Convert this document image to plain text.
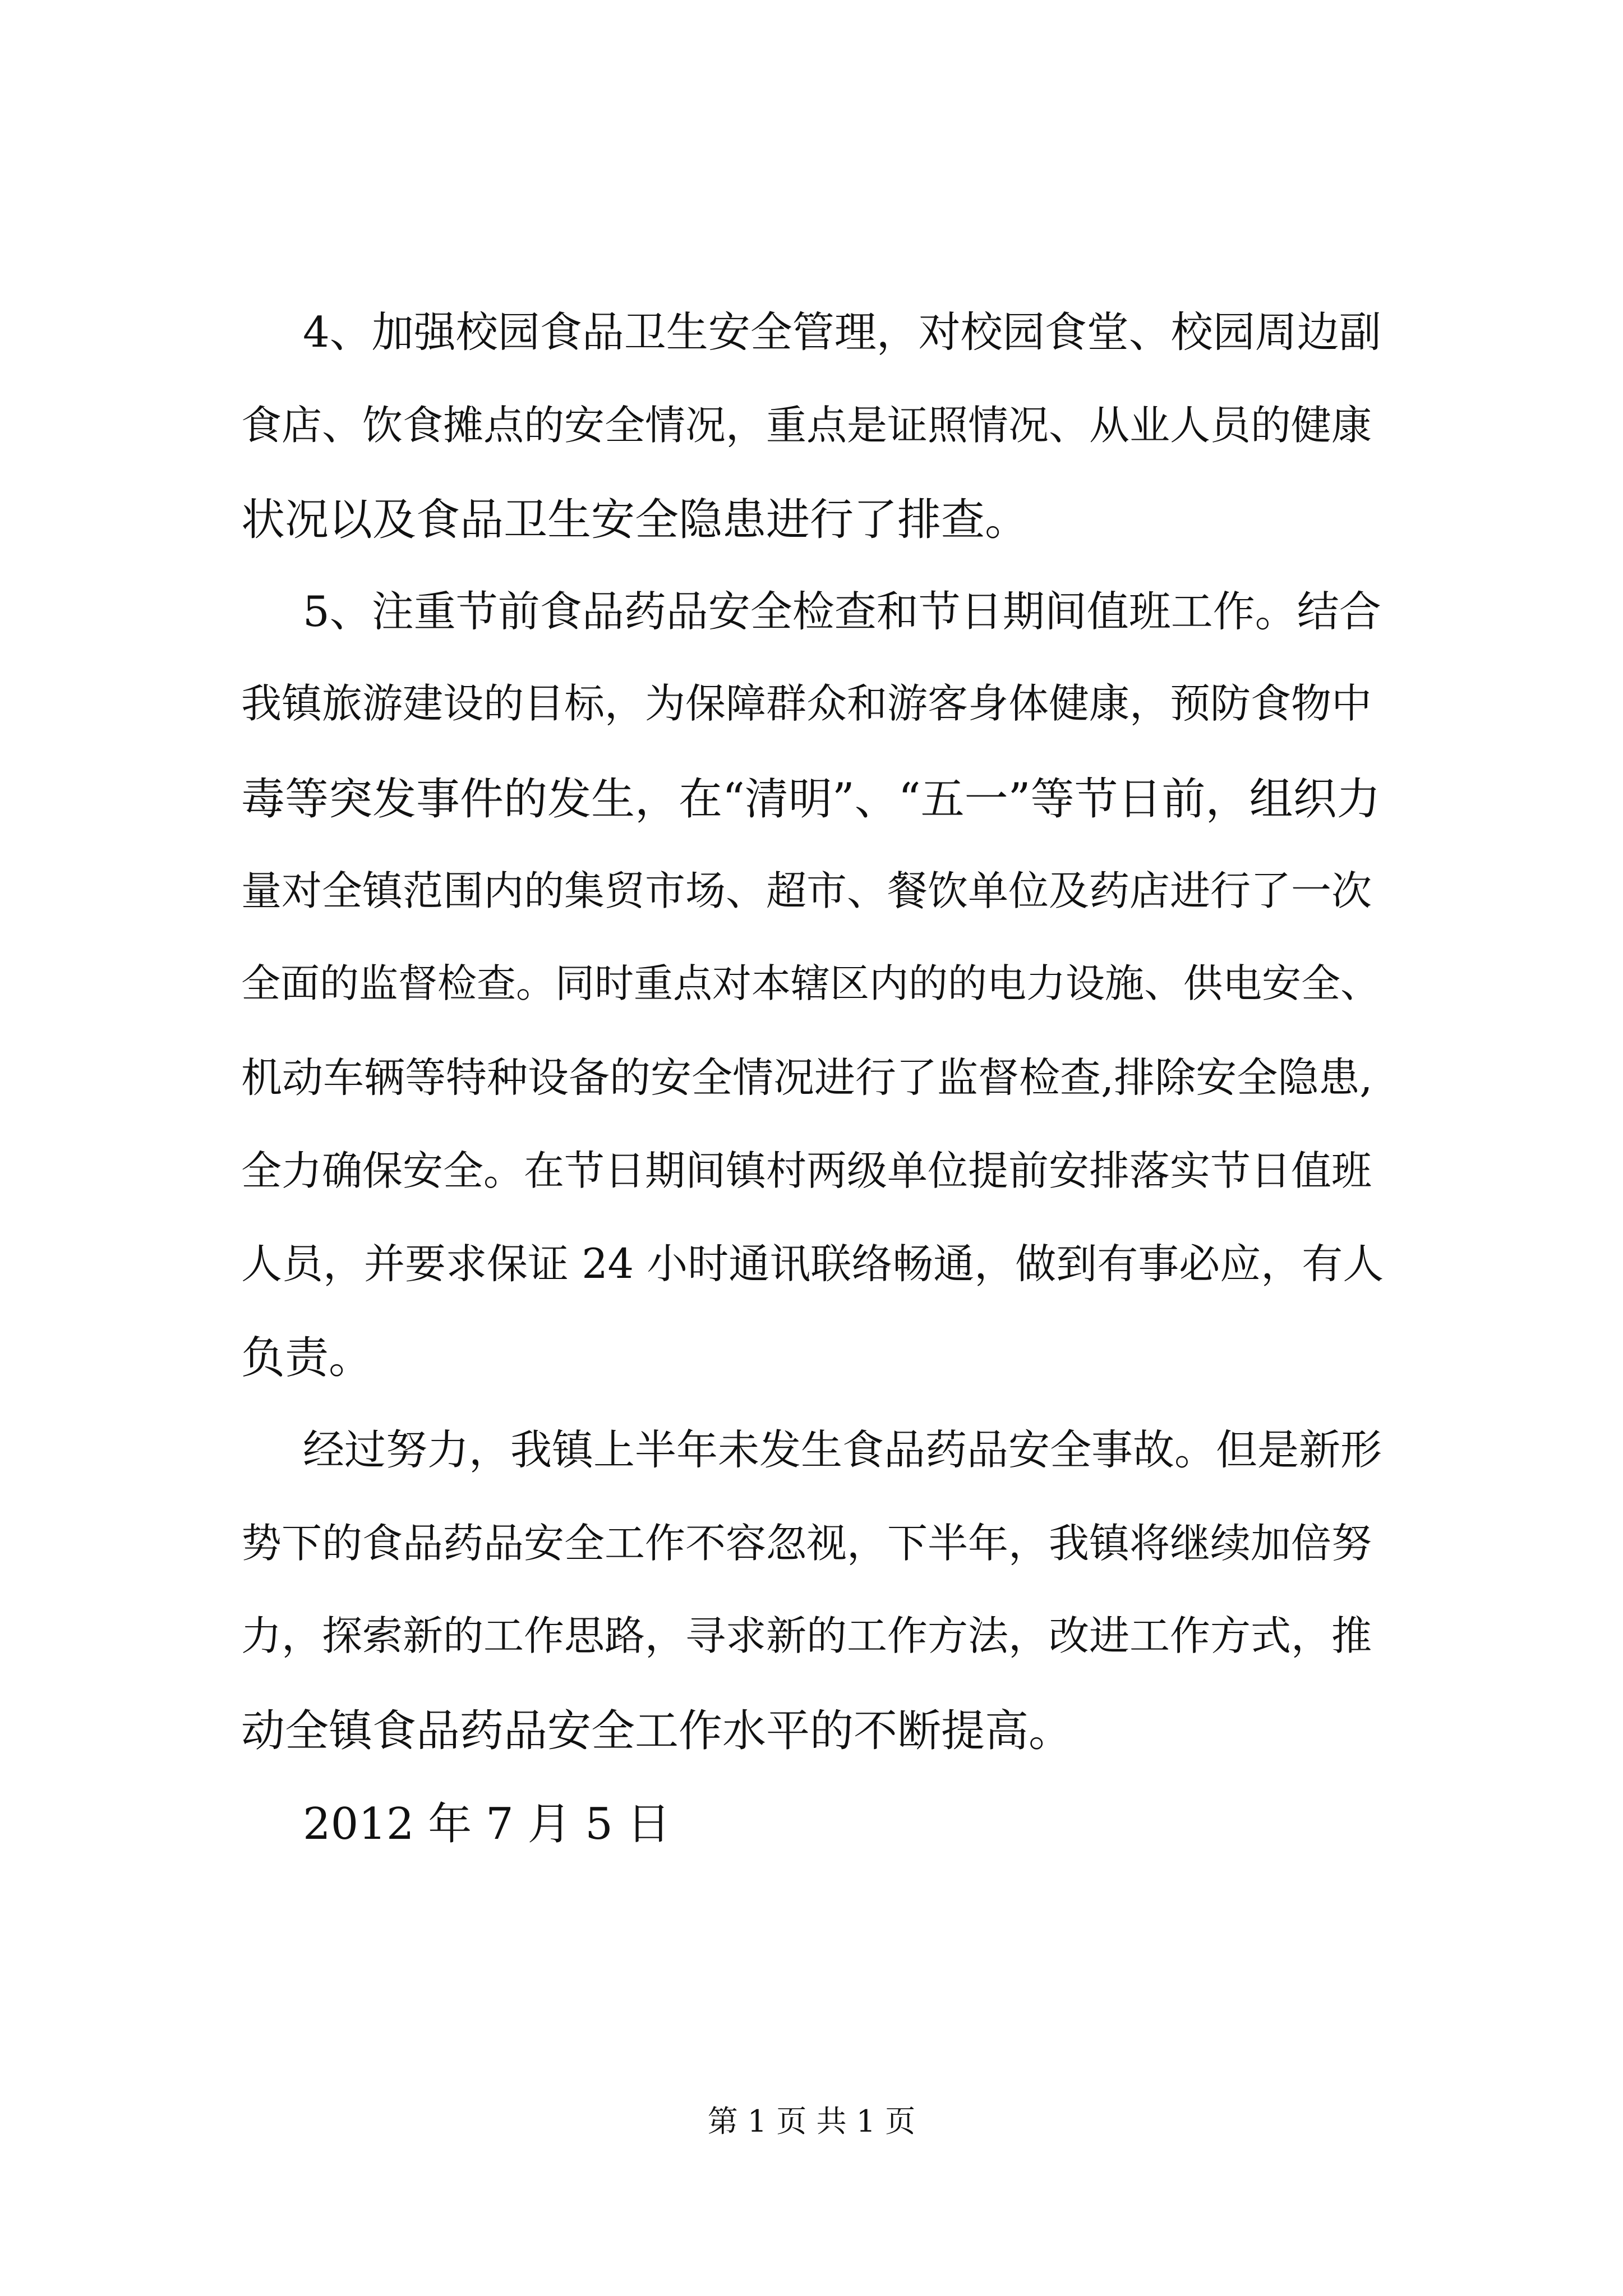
4、加强校园食品卫生安全管理，对校园食堂、校园周边副
食店、饮食摊点的安全情况，重点是证照情况、从业人员的健康
状况以及食品卫生安全隐患进行了排查。
5、注重节前食品药品安全检查和节日期间值班工作。结合
我镇旅游建设的目标，为保障群众和游客身体健康，预防食物中
毒等突发事件的发生，在“清明”、“五一”等节日前，组织力
量对全镇范围内的集贸市场、超市、餐饮单位及药店进行了一次
全面的监督检查。同时重点对本辖区内的的电力设施、供电安全、
机动车辆等特种设备的安全情况进行了监督检查,排除安全隐患,
全力确保安全。在节日期间镇村两级单位提前安排落实节日值班
人员，并要求保证 24 小时通讯联络畅通，做到有事必应，有人
负责。
经过努力，我镇上半年未发生食品药品安全事故。但是新形
势下的食品药品安全工作不容忽视，下半年，我镇将继续加倍努
力，探索新的工作思路，寻求新的工作方法，改进工作方式，推
动全镇食品药品安全工作水平的不断提高。
2012 年 7 月 5 日
第 1 页 共 1 页
